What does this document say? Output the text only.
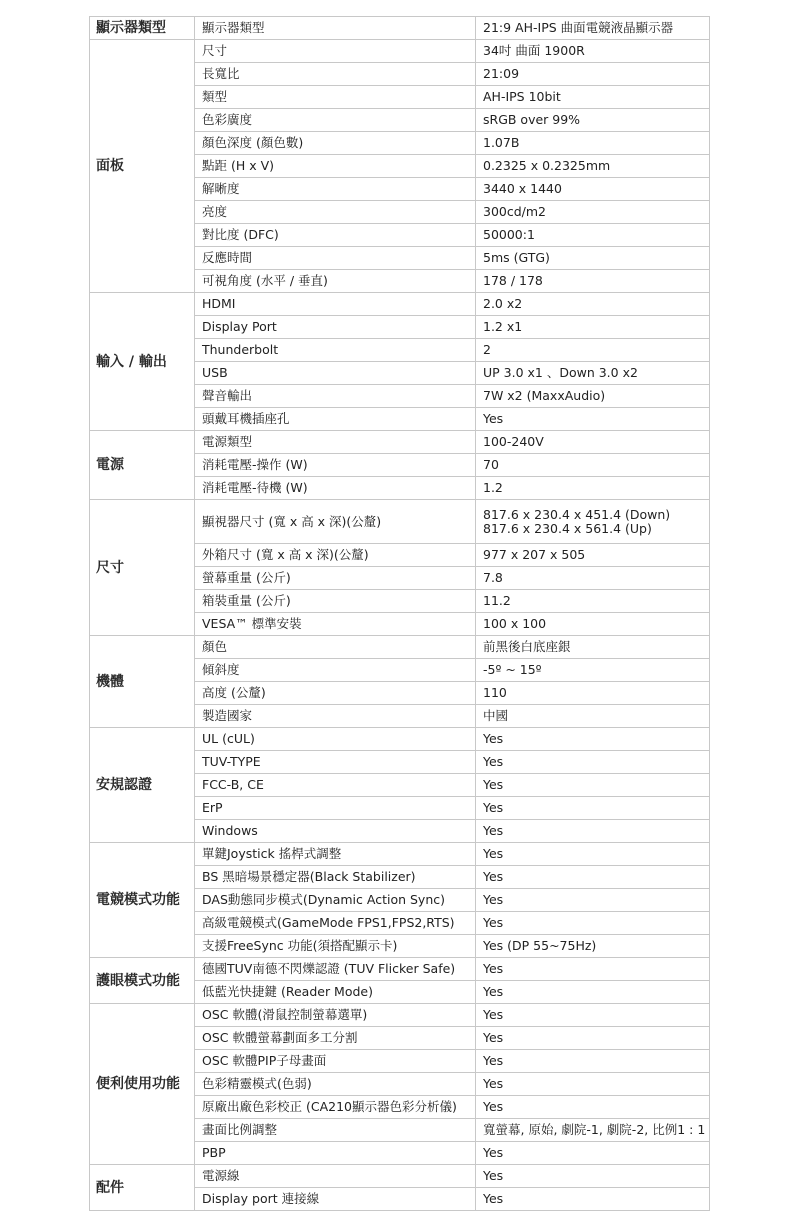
顯示器類型	顯示器類型	21:9 AH-IPS 曲面電競液晶顯示器
面板	尺寸	34吋 曲面 1900R
	長寬比	21:09
	類型	AH-IPS 10bit
	色彩廣度	sRGB over 99%
	顏色深度 (顏色數)	1.07B
	點距 (H x V)	0.2325 x 0.2325mm
	解晰度	3440 x 1440
	亮度	300cd/m2
	對比度 (DFC)	50000:1
	反應時間	5ms (GTG)
	可視角度 (水平 / 垂直)	178 / 178
輸入 / 輸出	HDMI	2.0 x2
	Display Port	1.2 x1
	Thunderbolt	2
	USB	UP 3.0 x1 、Down 3.0 x2
	聲音輸出	7W x2 (MaxxAudio)
	頭戴耳機插座孔	Yes
電源	電源類型	100-240V
	消耗電壓-操作 (W)	70
	消耗電壓-待機 (W)	1.2
尺寸	顯視器尺寸 (寬 x 高 x 深)(公釐)	817.6 x 230.4 x 451.4 (Down)
817.6 x 230.4 x 561.4 (Up)
	外箱尺寸 (寬 x 高 x 深)(公釐)	977 x 207 x 505
	螢幕重量 (公斤)	7.8
	箱裝重量 (公斤)	11.2
	VESA™ 標準安裝	100 x 100
機體	顏色	前黑後白底座銀
	傾斜度	-5º ~ 15º
	高度 (公釐)	110
	製造國家	中國
安規認證	UL (cUL)	Yes
	TUV-TYPE	Yes
	FCC-B, CE	Yes
	ErP	Yes
	Windows	Yes
電競模式功能	單鍵Joystick 搖桿式調整	Yes
	BS 黑暗場景穩定器(Black Stabilizer)	Yes
	DAS動態同步模式(Dynamic Action Sync)	Yes
	高級電競模式(GameMode FPS1,FPS2,RTS)	Yes
	支援FreeSync 功能(須搭配顯示卡)	Yes (DP 55~75Hz)
護眼模式功能	德國TUV南德不閃爍認證 (TUV Flicker Safe)	Yes
	低藍光快捷鍵 (Reader Mode)	Yes
便利使用功能	OSC 軟體(滑鼠控制螢幕選單)	Yes
	OSC 軟體螢幕劃面多工分割	Yes
	OSC 軟體PIP子母畫面	Yes
	色彩精靈模式(色弱)	Yes
	原廠出廠色彩校正 (CA210顯示器色彩分析儀)	Yes
	畫面比例調整	寬螢幕, 原始, 劇院-1, 劇院-2, 比例1 : 1
	PBP	Yes
配件	電源線	Yes
	Display port 連接線	Yes
